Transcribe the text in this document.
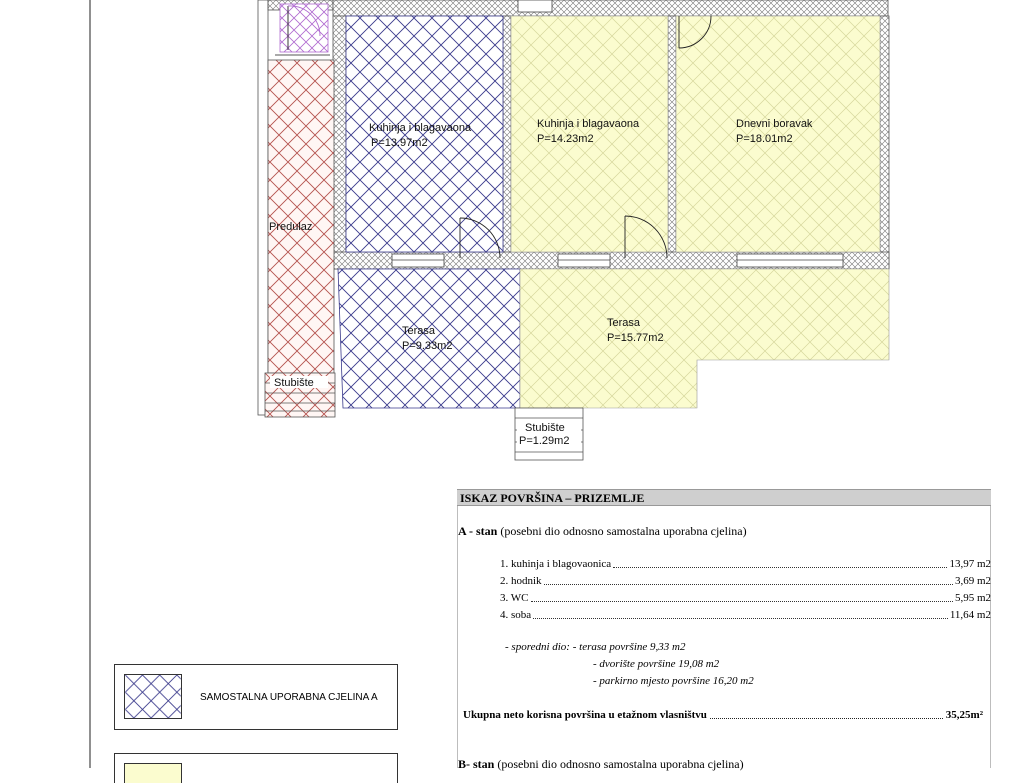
Kuhinja i blagavaona
P=13.97m2
Kuhinja i blagavaona
P=14.23m2
Dnevni boravak
P=18.01m2
Predulaz
Terasa
P=9.33m2
Terasa
P=15.77m2
Stubište
Stubište
P=1.29m2
ISKAZ POVRŠINA – PRIZEMLJE
A - stan (posebni dio odnosno samostalna uporabna cjelina)
1. kuhinja i blagovaonica	13,97 m2
2. hodnik	3,69 m2
3. WC	5,95 m2
4. soba	11,64 m2
- sporedni dio: - terasa površine 9,33 m2
- dvorište površine 19,08 m2
- parkirno mjesto površine 16,20 m2
Ukupna neto korisna površina u etažnom vlasništvu	35,25m²
B- stan (posebni dio odnosno samostalna uporabna cjelina)
SAMOSTALNA UPORABNA CJELINA A
